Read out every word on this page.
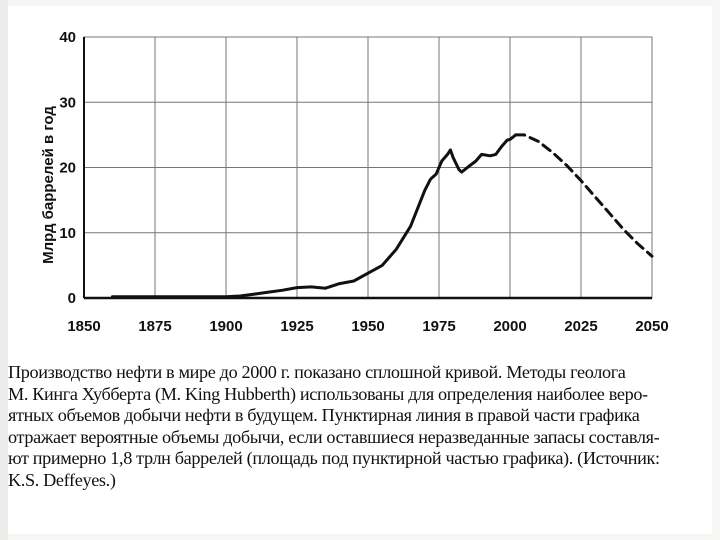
0
10
20
30
40
1850	1875	1900	1925	1950	1975	2000	2025	2050
Млрд баррелей в год
Производство нефти в мире до 2000 г. показано сплошной кривой. Методы геолога
М. Кинга Хубберта (M. King Hubberth) использованы для определения наиболее веро-
ятных объемов добычи нефти в будущем. Пунктирная линия в правой части графика
отражает вероятные объемы добычи, если оставшиеся неразведанные запасы составля-
ют примерно 1,8 трлн баррелей (площадь под пунктирной частью графика). (Источник:
K.S. Deffeyes.)
